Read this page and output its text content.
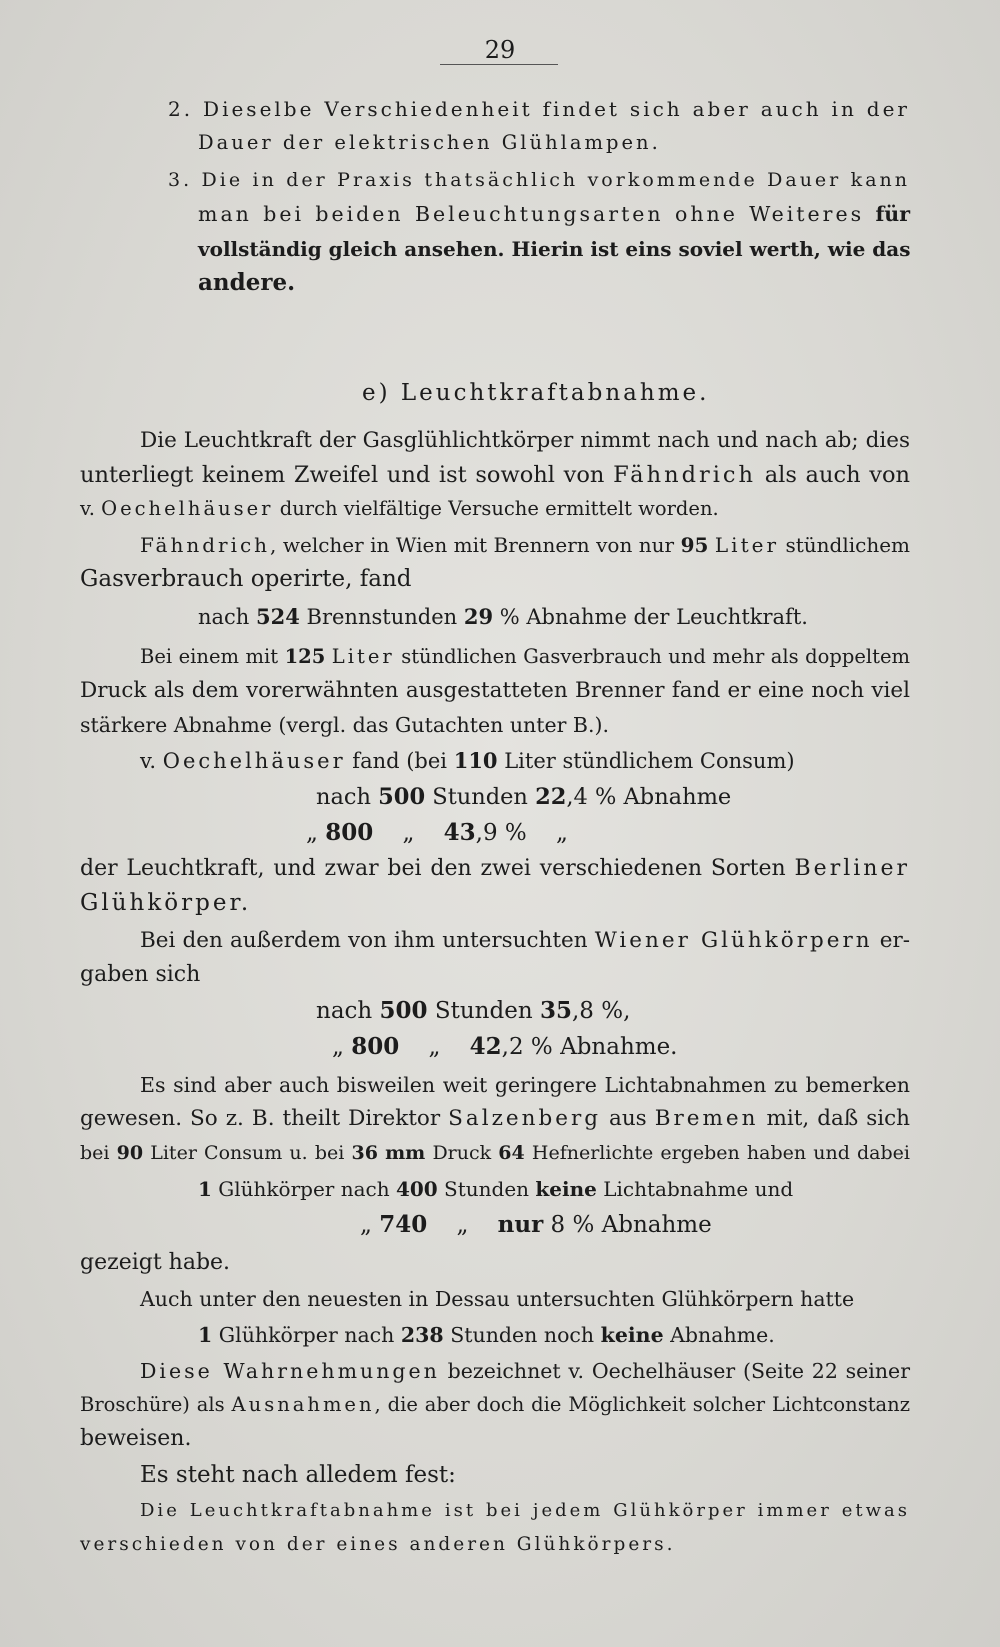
29
2. Dieselbe Verschiedenheit findet sich aber auch in der
Dauer der elektrischen Glühlampen.
3. Die in der Praxis thatsächlich vorkommende Dauer kann
man bei beiden Beleuchtungsarten ohne Weiteres für
vollständig gleich ansehen. Hierin ist eins soviel werth, wie das
andere.
e) Leuchtkraftabnahme.
Die Leuchtkraft der Gasglühlichtkörper nimmt nach und nach ab; dies
unterliegt keinem Zweifel und ist sowohl von Fähndrich als auch von
v. Oechelhäuser durch vielfältige Versuche ermittelt worden.
Fähndrich, welcher in Wien mit Brennern von nur 95 Liter stündlichem
Gasverbrauch operirte, fand
nach 524 Brennstunden 29 % Abnahme der Leuchtkraft.
Bei einem mit 125 Liter stündlichen Gasverbrauch und mehr als doppeltem
Druck als dem vorerwähnten ausgestatteten Brenner fand er eine noch viel
stärkere Abnahme (vergl. das Gutachten unter B.).
v. Oechelhäuser fand (bei 110 Liter stündlichem Consum)
nach 500 Stunden 22,4 % Abnahme
„ 800    „    43,9 %    „
der Leuchtkraft, und zwar bei den zwei verschiedenen Sorten Berliner
Glühkörper.
Bei den außerdem von ihm untersuchten Wiener Glühkörpern er-
gaben sich
nach 500 Stunden 35,8 %,
„ 800    „    42,2 % Abnahme.
Es sind aber auch bisweilen weit geringere Lichtabnahmen zu bemerken
gewesen. So z. B. theilt Direktor Salzenberg aus Bremen mit, daß sich
bei 90 Liter Consum u. bei 36 mm Druck 64 Hefnerlichte ergeben haben und dabei
1 Glühkörper nach 400 Stunden keine Lichtabnahme und
„ 740    „    nur 8 % Abnahme
gezeigt habe.
Auch unter den neuesten in Dessau untersuchten Glühkörpern hatte
1 Glühkörper nach 238 Stunden noch keine Abnahme.
Diese Wahrnehmungen bezeichnet v. Oechelhäuser (Seite 22 seiner
Broschüre) als Ausnahmen, die aber doch die Möglichkeit solcher Lichtconstanz
beweisen.
Es steht nach alledem fest:
Die Leuchtkraftabnahme ist bei jedem Glühkörper immer etwas
verschieden von der eines anderen Glühkörpers.
